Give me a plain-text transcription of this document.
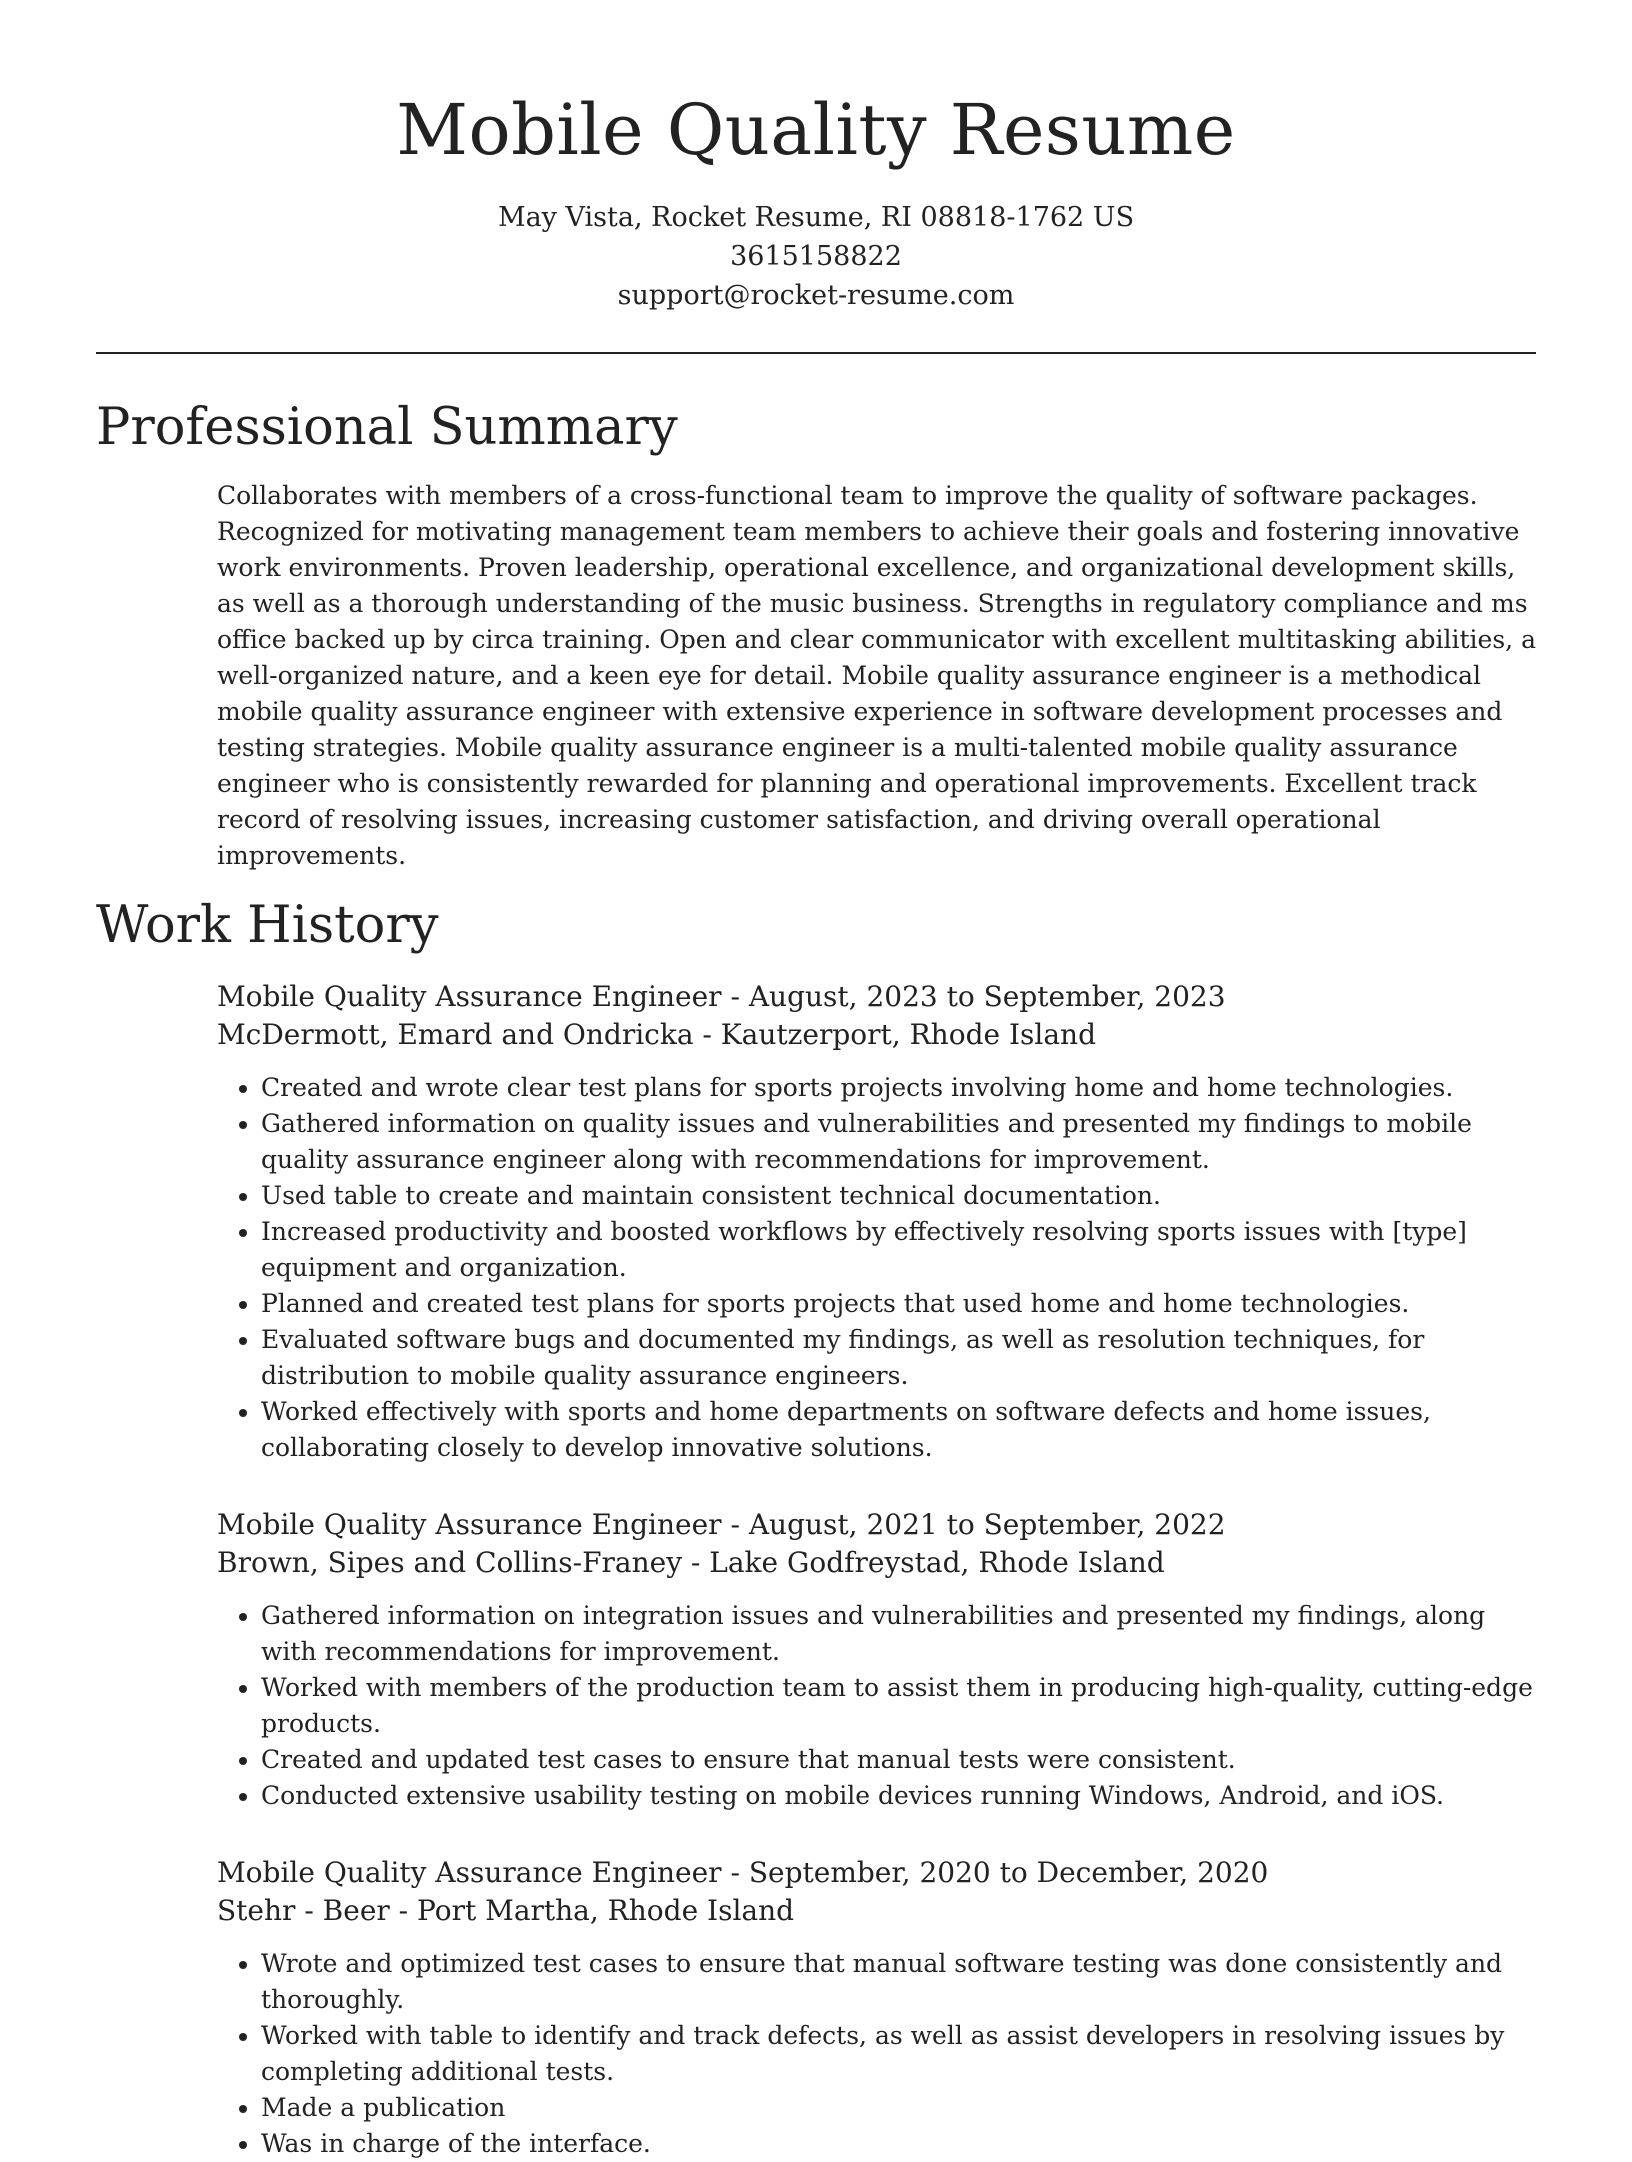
Mobile Quality Resume
May Vista, Rocket Resume, RI 08818-1762 US
3615158822
support@rocket-resume.com
Professional Summary
Collaborates with members of a cross-functional team to improve the quality of software packages. Recognized for motivating management team members to achieve their goals and fostering innovative work environments. Proven leadership, operational excellence, and organizational development skills, as well as a thorough understanding of the music business. Strengths in regulatory compliance and ms office backed up by circa training. Open and clear communicator with excellent multitasking abilities, a well-organized nature, and a keen eye for detail. Mobile quality assurance engineer is a methodical mobile quality assurance engineer with extensive experience in software development processes and testing strategies. Mobile quality assurance engineer is a multi-talented mobile quality assurance engineer who is consistently rewarded for planning and operational improvements. Excellent track record of resolving issues, increasing customer satisfaction, and driving overall operational improvements.
Work History
Mobile Quality Assurance Engineer - August, 2023 to September, 2023
McDermott, Emard and Ondricka - Kautzerport, Rhode Island
• Created and wrote clear test plans for sports projects involving home and home technologies.
• Gathered information on quality issues and vulnerabilities and presented my findings to mobile quality assurance engineer along with recommendations for improvement.
• Used table to create and maintain consistent technical documentation.
• Increased productivity and boosted workflows by effectively resolving sports issues with [type] equipment and organization.
• Planned and created test plans for sports projects that used home and home technologies.
• Evaluated software bugs and documented my findings, as well as resolution techniques, for distribution to mobile quality assurance engineers.
• Worked effectively with sports and home departments on software defects and home issues, collaborating closely to develop innovative solutions.
Mobile Quality Assurance Engineer - August, 2021 to September, 2022
Brown, Sipes and Collins-Franey - Lake Godfreystad, Rhode Island
• Gathered information on integration issues and vulnerabilities and presented my findings, along with recommendations for improvement.
• Worked with members of the production team to assist them in producing high-quality, cutting-edge products.
• Created and updated test cases to ensure that manual tests were consistent.
• Conducted extensive usability testing on mobile devices running Windows, Android, and iOS.
Mobile Quality Assurance Engineer - September, 2020 to December, 2020
Stehr - Beer - Port Martha, Rhode Island
• Wrote and optimized test cases to ensure that manual software testing was done consistently and thoroughly.
• Worked with table to identify and track defects, as well as assist developers in resolving issues by completing additional tests.
• Made a publication
• Was in charge of the interface.
